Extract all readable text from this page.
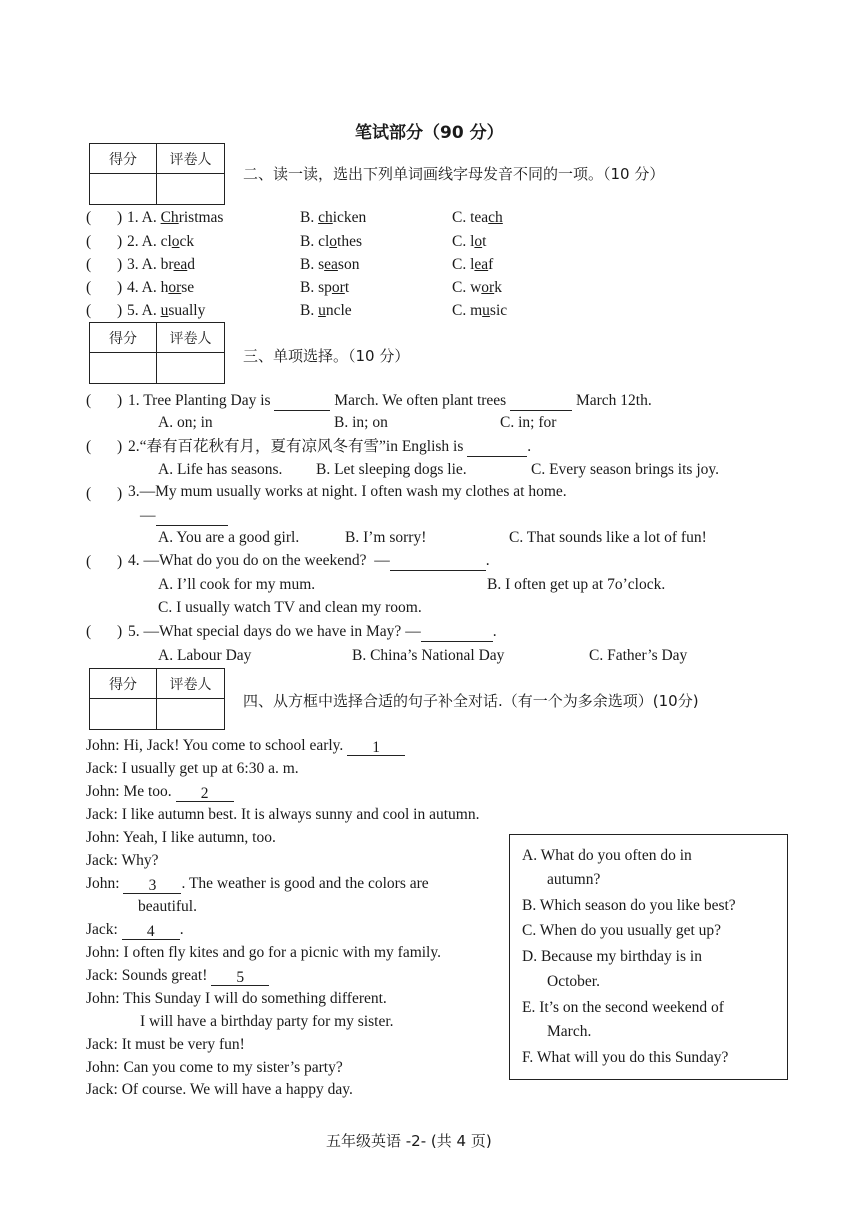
笔试部分（90 分）
得分	评卷人
二、读一读，选出下列单词画线字母发音不同的一项。（10 分）
( ) 1. A. Christmas	B. chicken	C. teach
( ) 2. A. clock	B. clothes	C. lot
( ) 3. A. bread	B. season	C. leaf
( ) 4. A. horse	B. sport	C. work
( ) 5. A. usually	B. uncle	C. music
得分	评卷人
三、单项选择。（10 分）
( ) 1. Tree Planting Day is	March. We often plant trees	March 12th.
A. on; in	B. in; on	C. in; for
( ) 2.“春有百花秋有月，夏有凉风冬有雪”in English is	.
A. Life has seasons. B. Let sleeping dogs lie.	C. Every season brings its joy.
( ) 3.—My mum usually works at night. I often wash my clothes at home.
—
A. You are a good girl.	B. I’m sorry!	C. That sounds like a lot of fun!
( ) 4. —What do you do on the weekend? —	.
A. I’ll cook for my mum.	B. I often get up at 7o’clock.
C. I usually watch TV and clean my room.
( ) 5. —What special days do we have in May? —	.
A. Labour Day	B. China’s National Day	C. Father’s Day
得分	评卷人
四、从方框中选择合适的句子补全对话.（有一个为多余选项）(10分)
John: Hi, Jack! You come to school early. 1
Jack: I usually get up at 6:30 a. m.
John: Me too. 2
Jack: I like autumn best. It is always sunny and cool in autumn.
John: Yeah, I like autumn, too.
Jack: Why?
John: 3 . The weather is good and the colors are
beautiful.
Jack: 4 .
John: I often fly kites and go for a picnic with my family.
Jack: Sounds great! 5
John: This Sunday I will do something different.
I will have a birthday party for my sister.
Jack: It must be very fun!
John: Can you come to my sister’s party?
Jack: Of course. We will have a happy day.
A. What do you often do in
autumn?
B. Which season do you like best?
C. When do you usually get up?
D. Because my birthday is in
October.
E. It’s on the second weekend of
March.
F. What will you do this Sunday?
五年级英语 -2- (共 4 页)
